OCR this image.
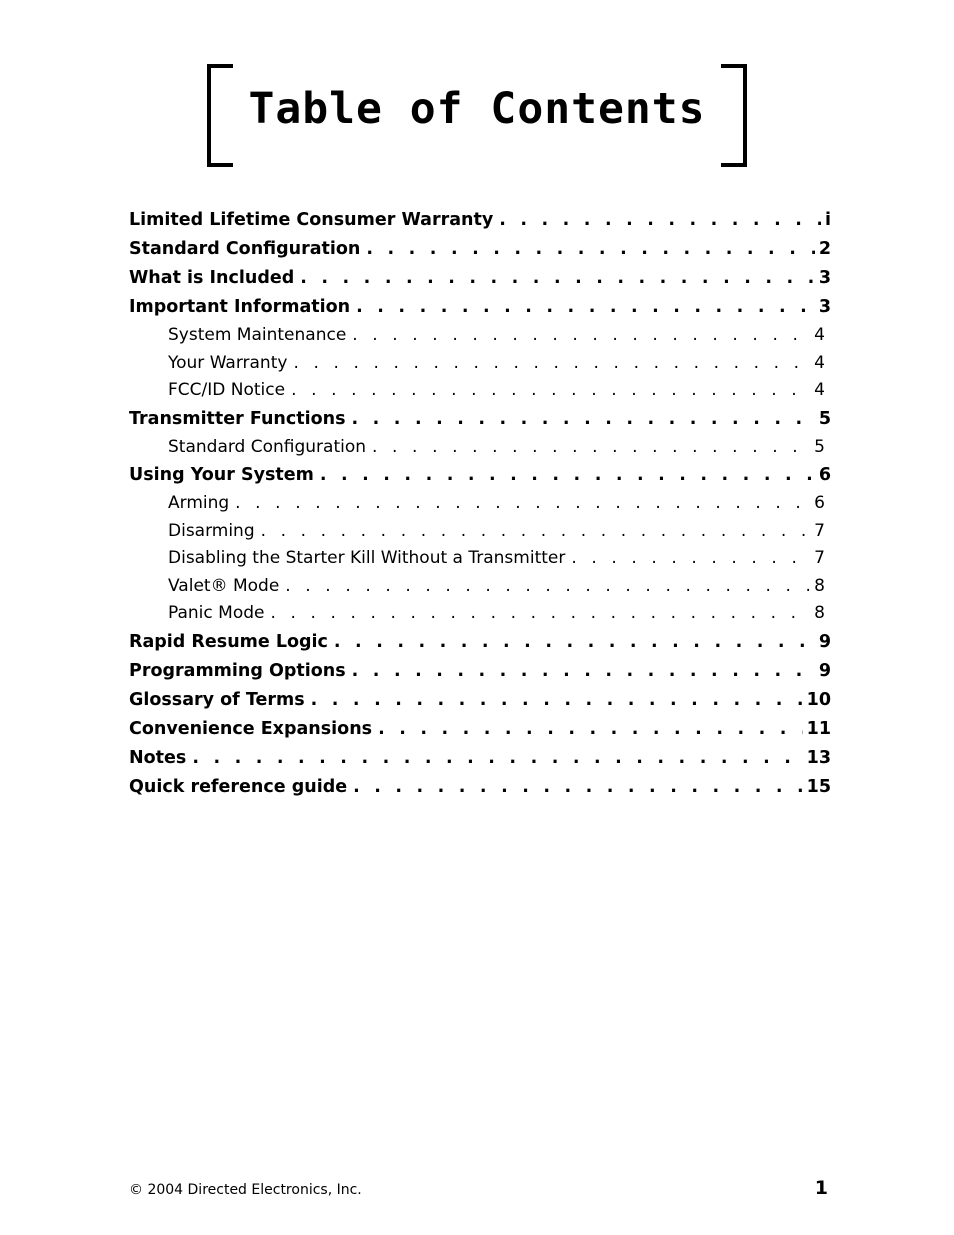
Table of Contents
Limited Lifetime Consumer Warranty . . .	i
Standard Configuration . . .	2
What is Included . . .	3
Important Information . . .	3
System Maintenance . . .	4
Your Warranty . . .	4
FCC/ID Notice . . .	4
Transmitter Functions . . .	5
Standard Configuration . . .	5
Using Your System . . .	6
Arming . . .	6
Disarming . . .	7
Disabling the Starter Kill Without a Transmitter . . .	7
Valet® Mode . . .	8
Panic Mode . . .	8
Rapid Resume Logic . . .	9
Programming Options . . .	9
Glossary of Terms . . .	10
Convenience Expansions . . .	11
Notes . . .	13
Quick reference guide . . .	15
© 2004 Directed Electronics, Inc.	1
